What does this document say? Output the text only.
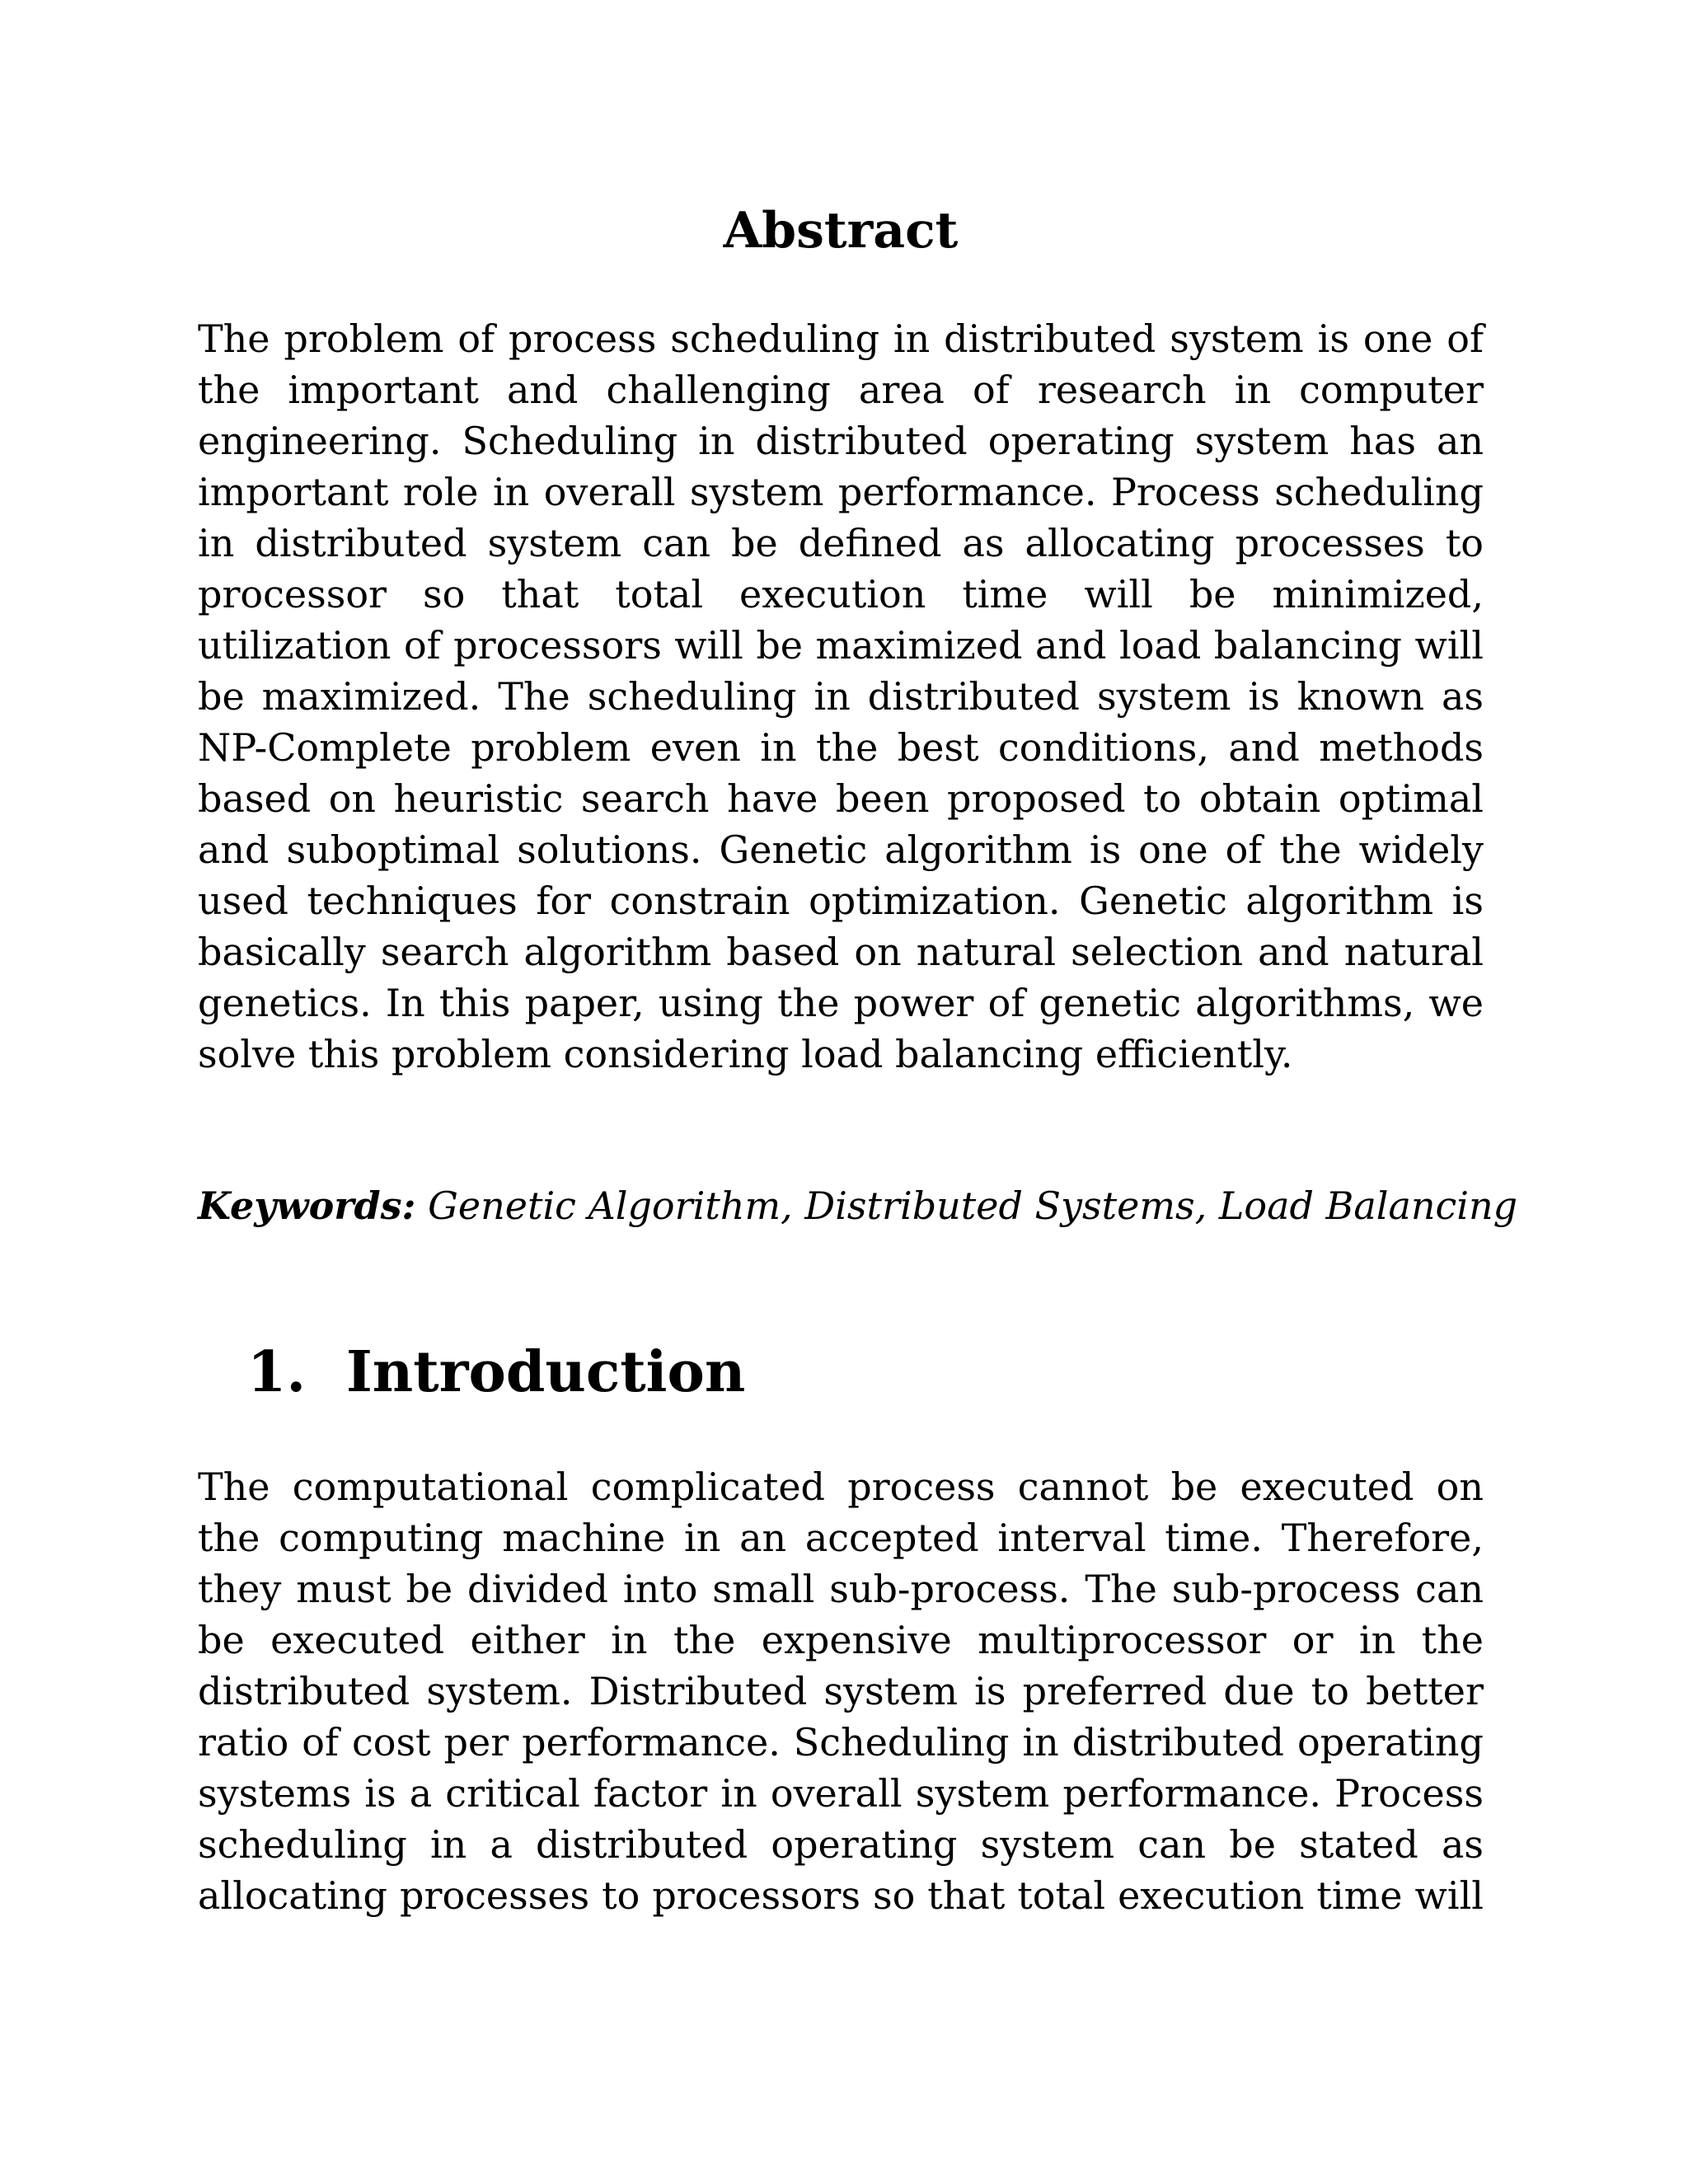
Abstract

The problem of process scheduling in distributed system is one of the important and challenging area of research in computer engineering. Scheduling in distributed operating system has an important role in overall system performance. Process scheduling in distributed system can be defined as allocating processes to processor so that total execution time will be minimized, utilization of processors will be maximized and load balancing will be maximized. The scheduling in distributed system is known as NP-Complete problem even in the best conditions, and methods based on heuristic search have been proposed to obtain optimal and suboptimal solutions. Genetic algorithm is one of the widely used techniques for constrain optimization. Genetic algorithm is basically search algorithm based on natural selection and natural genetics. In this paper, using the power of genetic algorithms, we solve this problem considering load balancing efficiently.

Keywords: Genetic Algorithm, Distributed Systems, Load Balancing

1. Introduction

The computational complicated process cannot be executed on the computing machine in an accepted interval time. Therefore, they must be divided into small sub-process. The sub-process can be executed either in the expensive multiprocessor or in the distributed system. Distributed system is preferred due to better ratio of cost per performance. Scheduling in distributed operating systems is a critical factor in overall system performance. Process scheduling in a distributed operating system can be stated as allocating processes to processors so that total execution time will
